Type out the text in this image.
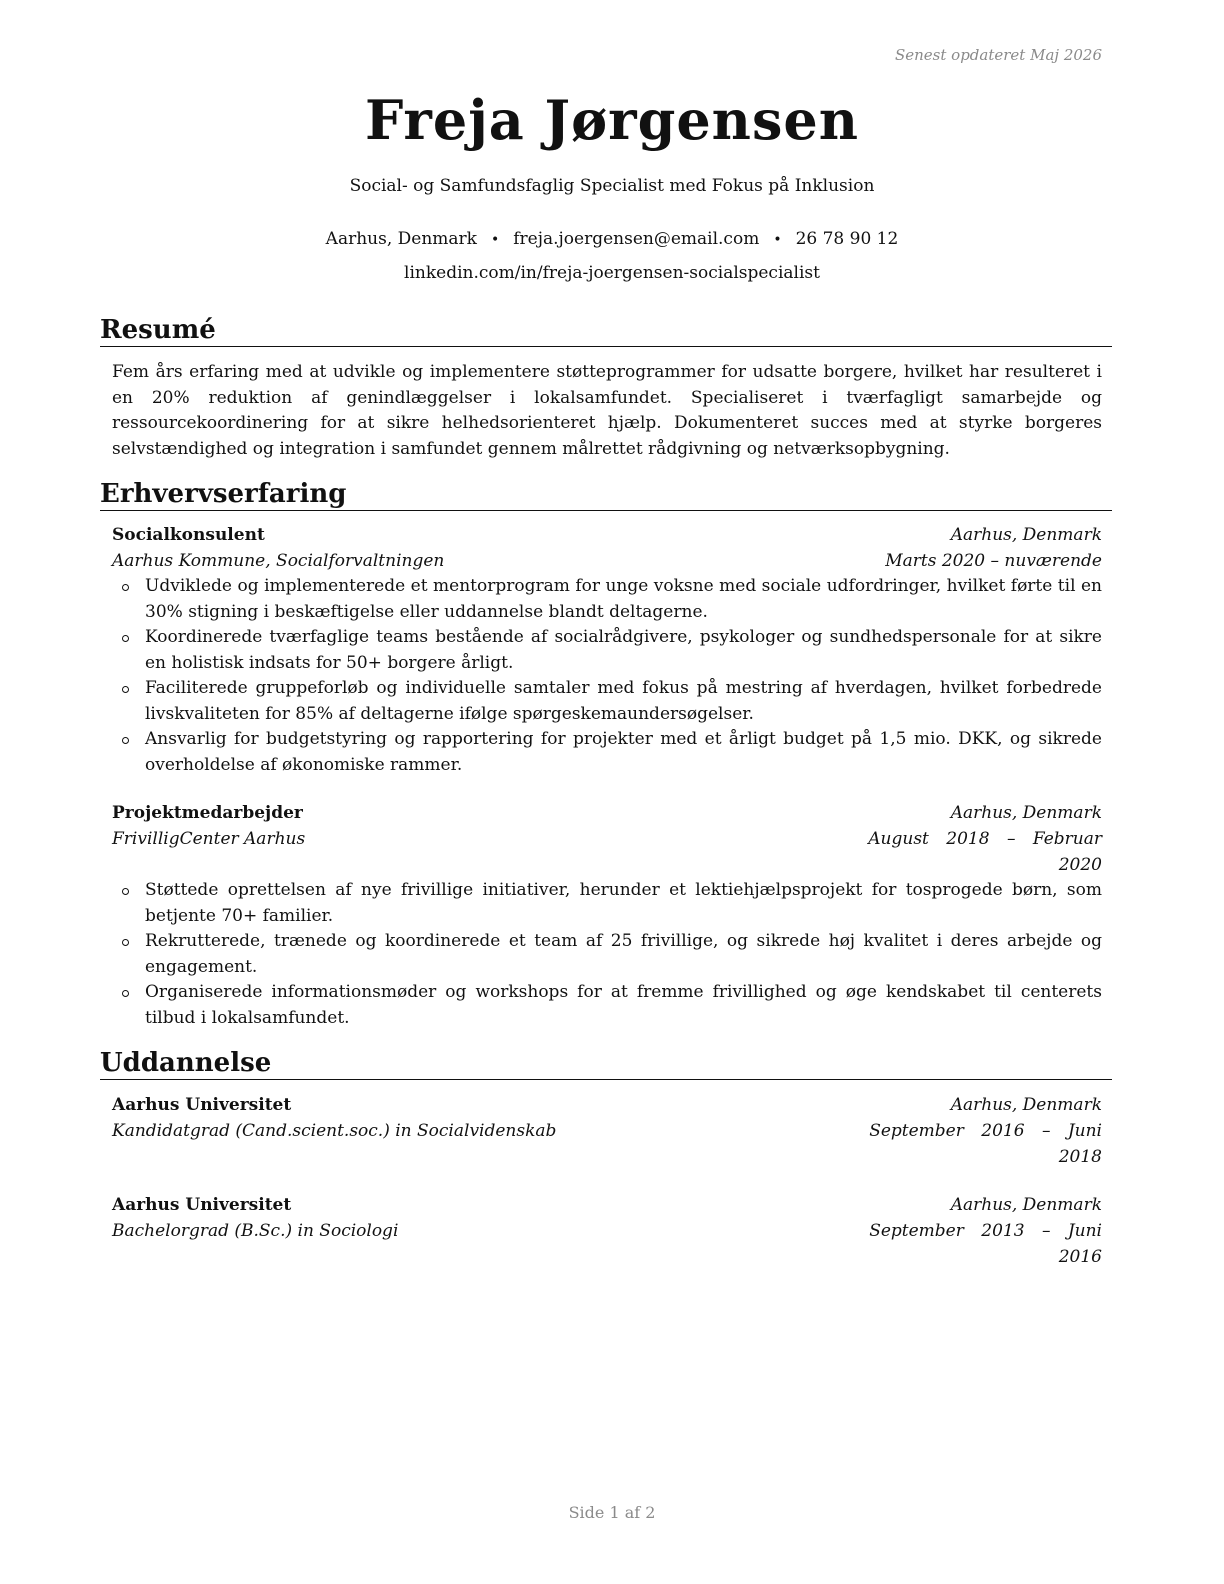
Senest opdateret Maj 2026
Freja Jørgensen
Social- og Samfundsfaglig Specialist med Fokus på Inklusion
Aarhus, Denmark • freja.joergensen@email.com • 26 78 90 12
linkedin.com/in/freja-joergensen-socialspecialist
Resumé
Fem års erfaring med at udvikle og implementere støtteprogrammer for udsatte borgere, hvilket har resulteret i en 20% reduktion af genindlæggelser i lokalsamfundet. Specialiseret i tværfagligt samarbejde og ressourcekoordinering for at sikre helhedsorienteret hjælp. Dokumenteret succes med at styrke borgeres selvstændighed og integration i samfundet gennem målrettet rådgivning og netværksopbygning.
Erhvervserfaring
Socialkonsulent	Aarhus, Denmark
Aarhus Kommune, Socialforvaltningen	Marts 2020 – nuværende
Udviklede og implementerede et mentorprogram for unge voksne med sociale udfordringer, hvilket førte til en 30% stigning i beskæftigelse eller uddannelse blandt deltagerne.
Koordinerede tværfaglige teams bestående af socialrådgivere, psykologer og sundhedspersonale for at sikre en holistisk indsats for 50+ borgere årligt.
Faciliterede gruppeforløb og individuelle samtaler med fokus på mestring af hverdagen, hvilket forbedrede livskvaliteten for 85% af deltagerne ifølge spørgeskemaundersøgelser.
Ansvarlig for budgetstyring og rapportering for projekter med et årligt budget på 1,5 mio. DKK, og sikrede overholdelse af økonomiske rammer.
Projektmedarbejder	Aarhus, Denmark
FrivilligCenter Aarhus	August 2018 – Februar
2020
Støttede oprettelsen af nye frivillige initiativer, herunder et lektiehjælpsprojekt for tosprogede børn, som betjente 70+ familier.
Rekrutterede, trænede og koordinerede et team af 25 frivillige, og sikrede høj kvalitet i deres arbejde og engagement.
Organiserede informationsmøder og workshops for at fremme frivillighed og øge kendskabet til centerets tilbud i lokalsamfundet.
Uddannelse
Aarhus Universitet	Aarhus, Denmark
Kandidatgrad (Cand.scient.soc.) in Socialvidenskab	September 2016 – Juni
2018
Aarhus Universitet	Aarhus, Denmark
Bachelorgrad (B.Sc.) in Sociologi	September 2013 – Juni
2016
Side 1 af 2
